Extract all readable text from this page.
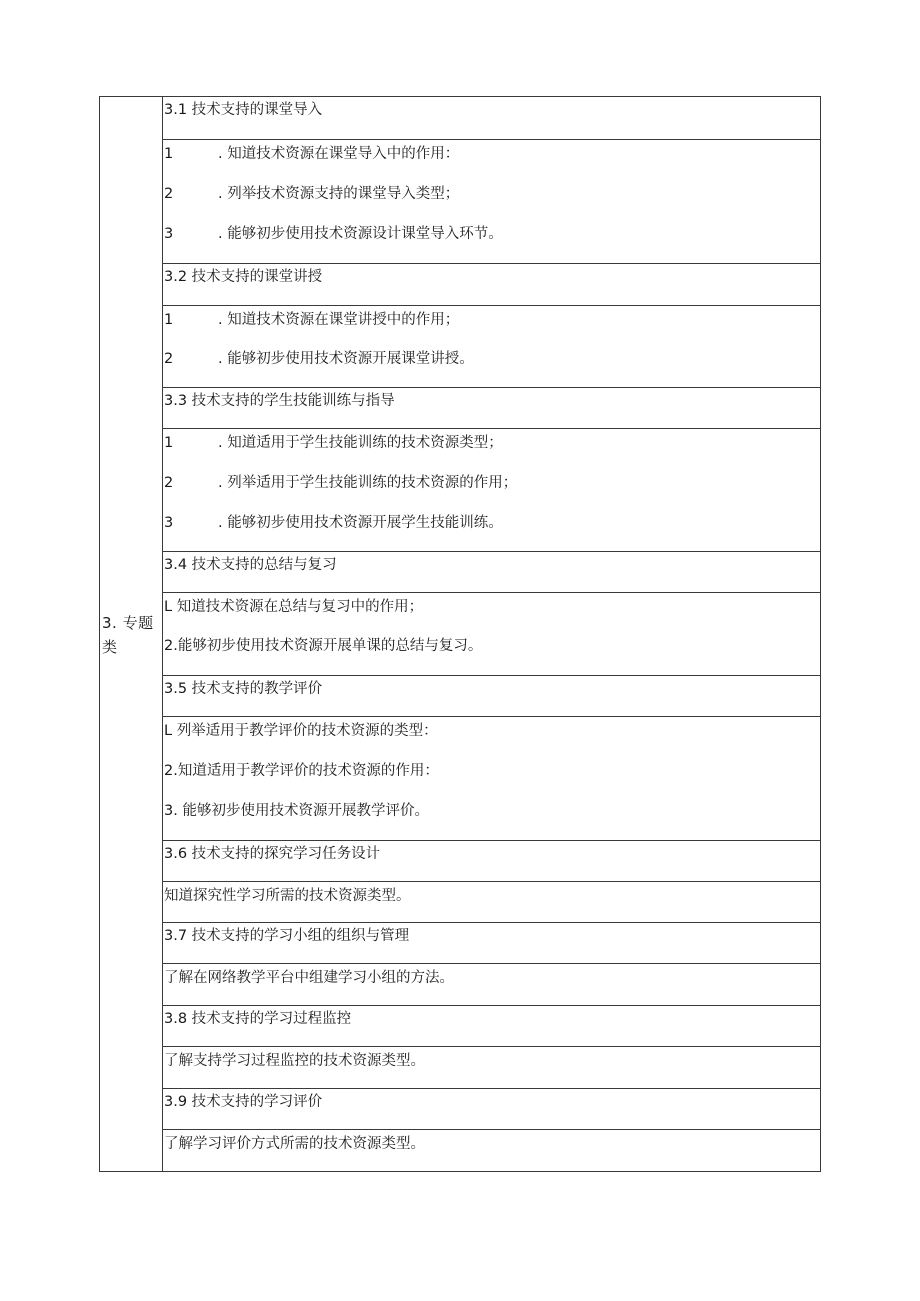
3. 专题类
3.1 技术支持的课堂导入
1	. 知道技术资源在课堂导入中的作用：
2	. 列举技术资源支持的课堂导入类型；
3	. 能够初步使用技术资源设计课堂导入环节。
3.2 技术支持的课堂讲授
1	. 知道技术资源在课堂讲授中的作用；
2	. 能够初步使用技术资源开展课堂讲授。
3.3 技术支持的学生技能训练与指导
1	. 知道适用于学生技能训练的技术资源类型；
2	. 列举适用于学生技能训练的技术资源的作用；
3	. 能够初步使用技术资源开展学生技能训练。
3.4 技术支持的总结与复习
L 知道技术资源在总结与复习中的作用；
2.能够初步使用技术资源开展单课的总结与复习。
3.5 技术支持的教学评价
L 列举适用于教学评价的技术资源的类型：
2.知道适用于教学评价的技术资源的作用：
3. 能够初步使用技术资源开展教学评价。
3.6 技术支持的探究学习任务设计
知道探究性学习所需的技术资源类型。
3.7 技术支持的学习小组的组织与管理
了解在网络教学平台中组建学习小组的方法。
3.8 技术支持的学习过程监控
了解支持学习过程监控的技术资源类型。
3.9 技术支持的学习评价
了解学习评价方式所需的技术资源类型。
